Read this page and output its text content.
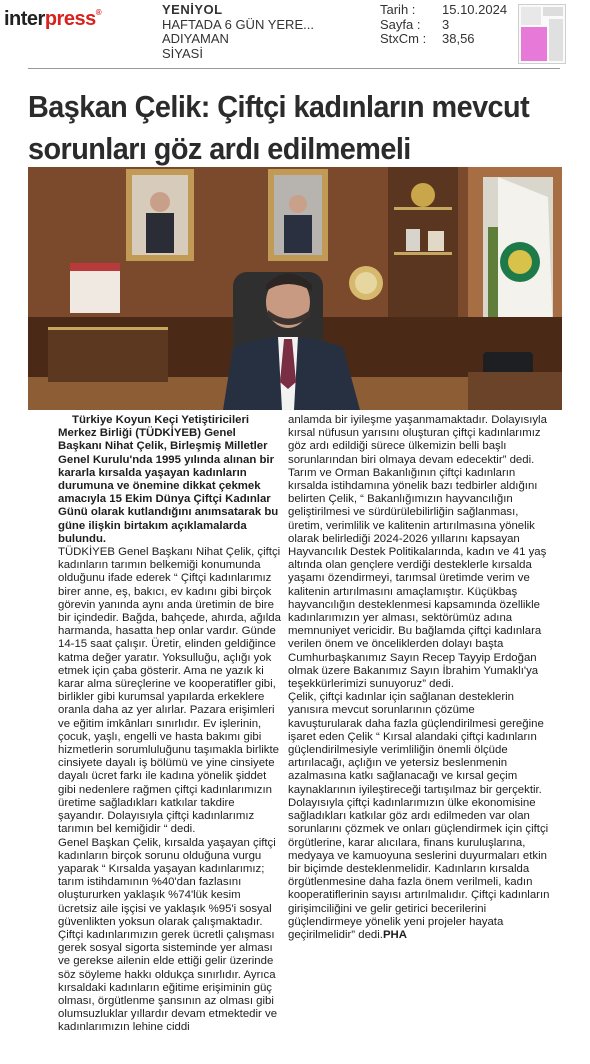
interpress®	YENİYOL
HAFTADA 6 GÜN YERE...
ADIYAMAN
SİYASİ
Tarih :	15.10.2024
Sayfa :	3
StxCm :	38,56
Başkan Çelik: Çiftçi kadınların mevcut sorunları göz ardı edilmemeli

Türkiye Koyun Keçi Yetiştiricileri Merkez Birliği (TÜDKİYEB) Genel Başkanı Nihat Çelik, Birleşmiş Milletler Genel Kurulu'nda 1995 yılında alınan bir kararla kırsalda yaşayan kadınların durumuna ve önemine dikkat çekmek amacıyla 15 Ekim Dünya Çiftçi Kadınlar Günü olarak kutlandığını anımsatarak bu güne ilişkin birtakım açıklamalarda bulundu.

TÜDKİYEB Genel Başkanı Nihat Çelik, çiftçi kadınların tarımın belkemiği konumunda olduğunu ifade ederek “ Çiftçi kadınlarımız birer anne, eş, bakıcı, ev kadını gibi birçok görevin yanında aynı anda üretimin de bire bir içindedir. Bağda, bahçede, ahırda, ağılda harmanda, hasatta hep onlar vardır. Günde 14-15 saat çalışır. Üretir, elinden geldiğince katma değer yaratır. Yoksulluğu, açlığı yok etmek için çaba gösterir. Ama ne yazık ki karar alma süreçlerine ve kooperatifler gibi, birlikler gibi kurumsal yapılarda erkeklere oranla daha az yer alırlar. Pazara erişimleri ve eğitim imkânları sınırlıdır. Ev işlerinin, çocuk, yaşlı, engelli ve hasta bakımı gibi hizmetlerin sorumluluğunu taşımakla birlikte cinsiyete dayalı iş bölümü ve yine cinsiyete dayalı ücret farkı ile kadına yönelik şiddet gibi nedenlere rağmen çiftçi kadınlarımızın üretime sağladıkları katkılar takdire şayandır. Dolayısıyla çiftçi kadınlarımız tarımın bel kemiğidir “ dedi.

Genel Başkan Çelik, kırsalda yaşayan çiftçi kadınların birçok sorunu olduğuna vurgu yaparak “ Kırsalda yaşayan kadınlarımız; tarım istihdamının %40'dan fazlasını oluştururken yaklaşık %74'lük kesim ücretsiz aile işçisi ve yaklaşık %95'i sosyal güvenlikten yoksun olarak çalışmaktadır. Çiftçi kadınlarımızın gerek ücretli çalışması gerek sosyal sigorta sisteminde yer alması ve gerekse ailenin elde ettiği gelir üzerinde söz söyleme hakkı oldukça sınırlıdır. Ayrıca kırsaldaki kadınların eğitime erişiminin güç olması, örgütlenme şansının az olması gibi olumsuzluklar yıllardır devam etmektedir ve kadınlarımızın lehine ciddi

anlamda bir iyileşme yaşanmamaktadır. Dolayısıyla kırsal nüfusun yarısını oluşturan çiftçi kadınlarımız göz ardı edildiği sürece ülkemizin belli başlı sorunlarından biri olmaya devam edecektir” dedi.

Tarım ve Orman Bakanlığının çiftçi kadınların kırsalda istihdamına yönelik bazı tedbirler aldığını belirten Çelik, “ Bakanlığımızın hayvancılığın geliştirilmesi ve sürdürülebilirliğin sağlanması, üretim, verimlilik ve kalitenin artırılmasına yönelik olarak belirlediği 2024-2026 yıllarını kapsayan Hayvancılık Destek Politikalarında, kadın ve 41 yaş altında olan gençlere verdiği desteklerle kırsalda yaşamı özendirmeyi, tarımsal üretimde verim ve kalitenin artırılmasını amaçlamıştır. Küçükbaş hayvancılığın desteklenmesi kapsamında özellikle kadınlarımızın yer alması, sektörümüz adına memnuniyet vericidir. Bu bağlamda çiftçi kadınlara verilen önem ve önceliklerden dolayı başta Cumhurbaşkanımız Sayın Recep Tayyip Erdoğan olmak üzere Bakanımız Sayın İbrahim Yumaklı'ya teşekkürlerimizi sunuyoruz” dedi.

Çelik, çiftçi kadınlar için sağlanan desteklerin yanısıra mevcut sorunlarının çözüme kavuşturularak daha fazla güçlendirilmesi gereğine işaret eden Çelik “ Kırsal alandaki çiftçi kadınların güçlendirilmesiyle verimliliğin önemli ölçüde artırılacağı, açlığın ve yetersiz beslenmenin azalmasına katkı sağlanacağı ve kırsal geçim kaynaklarının iyileştireceği tartışılmaz bir gerçektir. Dolayısıyla çiftçi kadınlarımızın ülke ekonomisine sağladıkları katkılar göz ardı edilmeden var olan sorunlarını çözmek ve onları güçlendirmek için çiftçi örgütlerine, karar alıcılara, finans kuruluşlarına, medyaya ve kamuoyuna seslerini duyurmaları etkin bir biçimde desteklenmelidir. Kadınların kırsalda örgütlenmesine daha fazla önem verilmeli, kadın kooperatiflerinin sayısı artırılmalıdır. Çiftçi kadınların girişimciliğini ve gelir getirici becerilerini güçlendirmeye yönelik yeni projeler hayata geçirilmelidir” dedi.PHA
